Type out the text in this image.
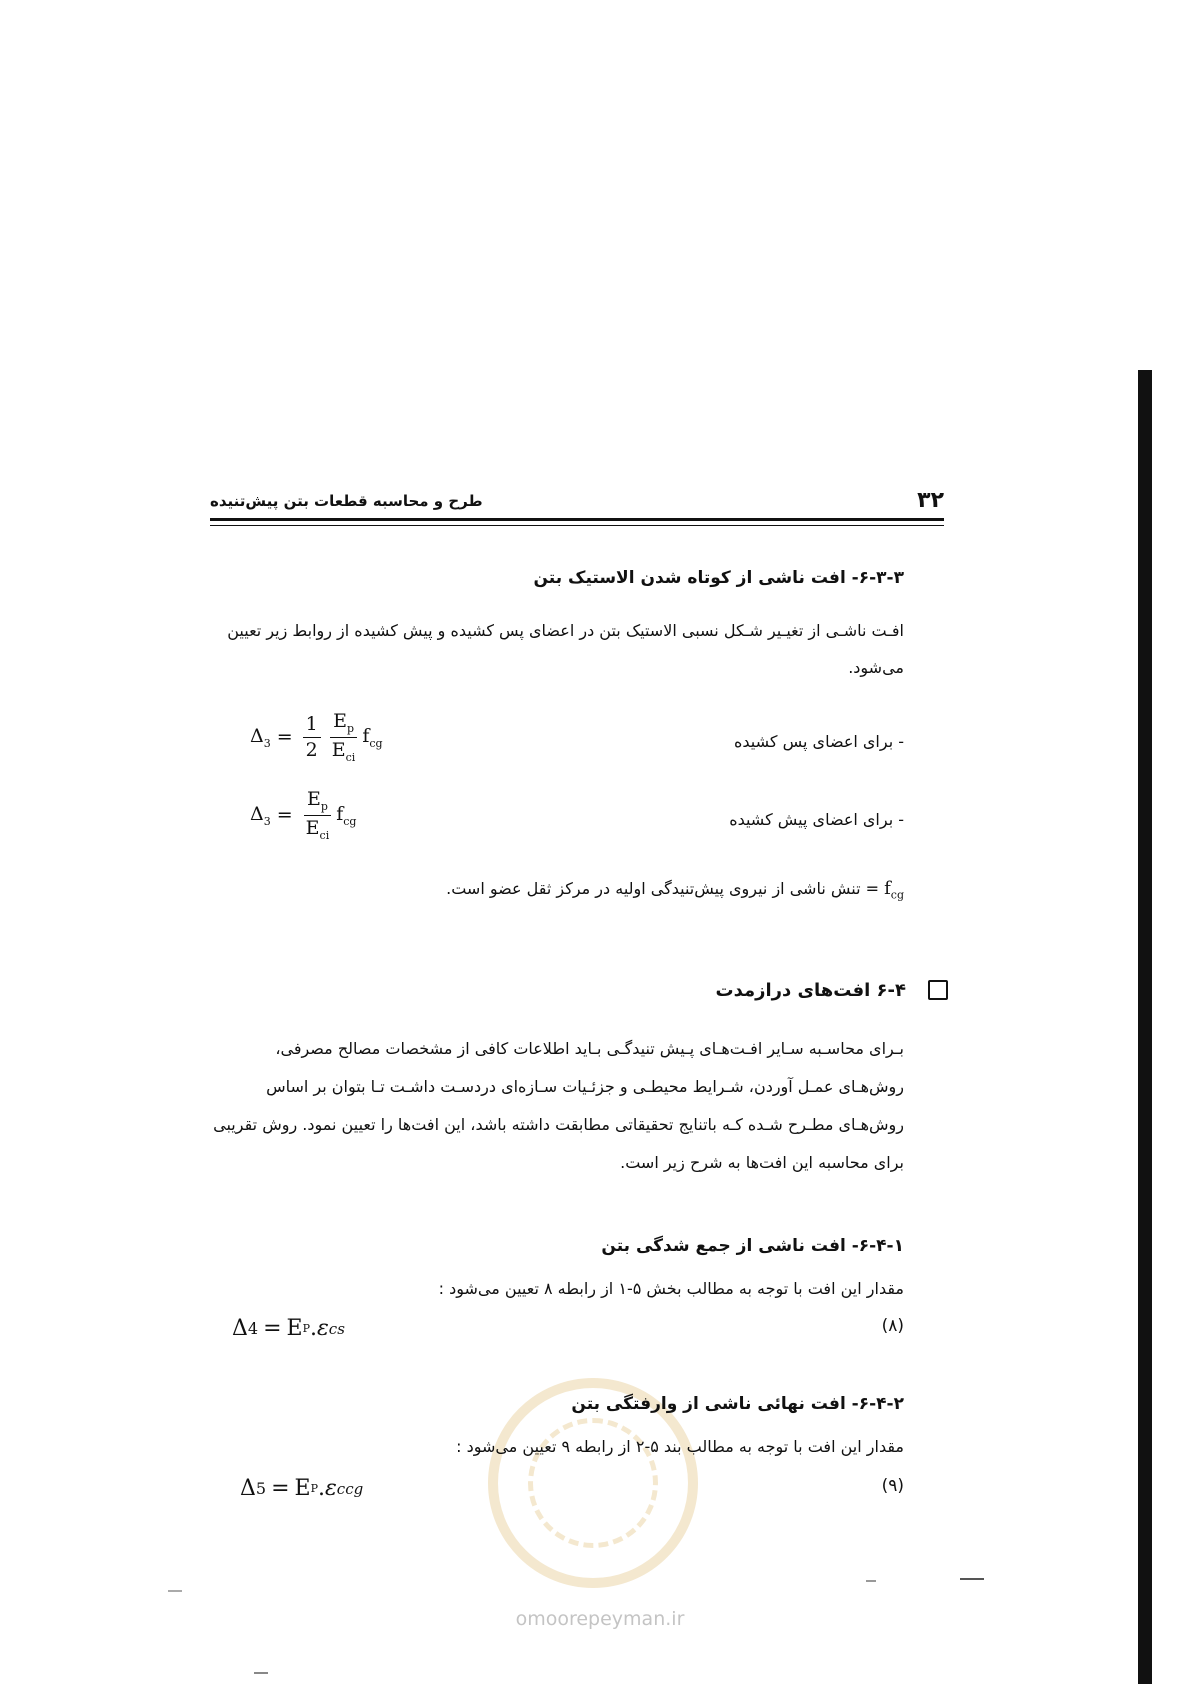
۳۲
طرح و محاسبه قطعات بتن پیش‌تنیده
۶-۳-۳- افت ناشی از کوتاه شدن الاستیک بتن
افـت ناشـی از تغیـیر شـکل نسبی الاستیک بتن در اعضای پس کشیده و پیش کشیده از روابط زیر تعیین می‌شود.
- برای اعضای پس کشیده
$\Delta_3 = \frac{1}{2} \frac{E_p}{E_{ci}} f_{cg}$
- برای اعضای پیش کشیده
$\Delta_3 = \frac{E_p}{E_{ci}} f_{cg}$
$f_{cg}$ = تنش ناشی از نیروی پیش‌تنیدگی اولیه در مرکز ثقل عضو است.
۶-۴ افت‌های درازمدت
بـرای محاسـبه سـایر افـت‌هـای پـیش تنیدگـی بـاید اطلاعات کافی از مشخصات مصالح مصرفی، روش‌هـای عمـل آوردن، شـرایط محیطـی و جزئـیات سـازه‌ای دردسـت داشـت تـا بتوان بر اساس روش‌هـای مطـرح شـده کـه باتنایج تحقیقاتی مطابقت داشته باشد، این افت‌ها را تعیین نمود. روش تقریبی برای محاسبه این افت‌ها به شرح زیر است.
۶-۴-۱- افت ناشی از جمع شدگی بتن
مقدار این افت با توجه به مطالب بخش ۵-۱ از رابطه ۸ تعیین می‌شود :
(۸)
Δ 4 = E P . ε cs
۶-۴-۲- افت نهائی ناشی از وارفتگی بتن
مقدار این افت با توجه به مطالب بند ۵-۲ از رابطه ۹ تعیین می‌شود :
(۹)
Δ 5 = E P . ε ccg
omoorepeyman.ir
